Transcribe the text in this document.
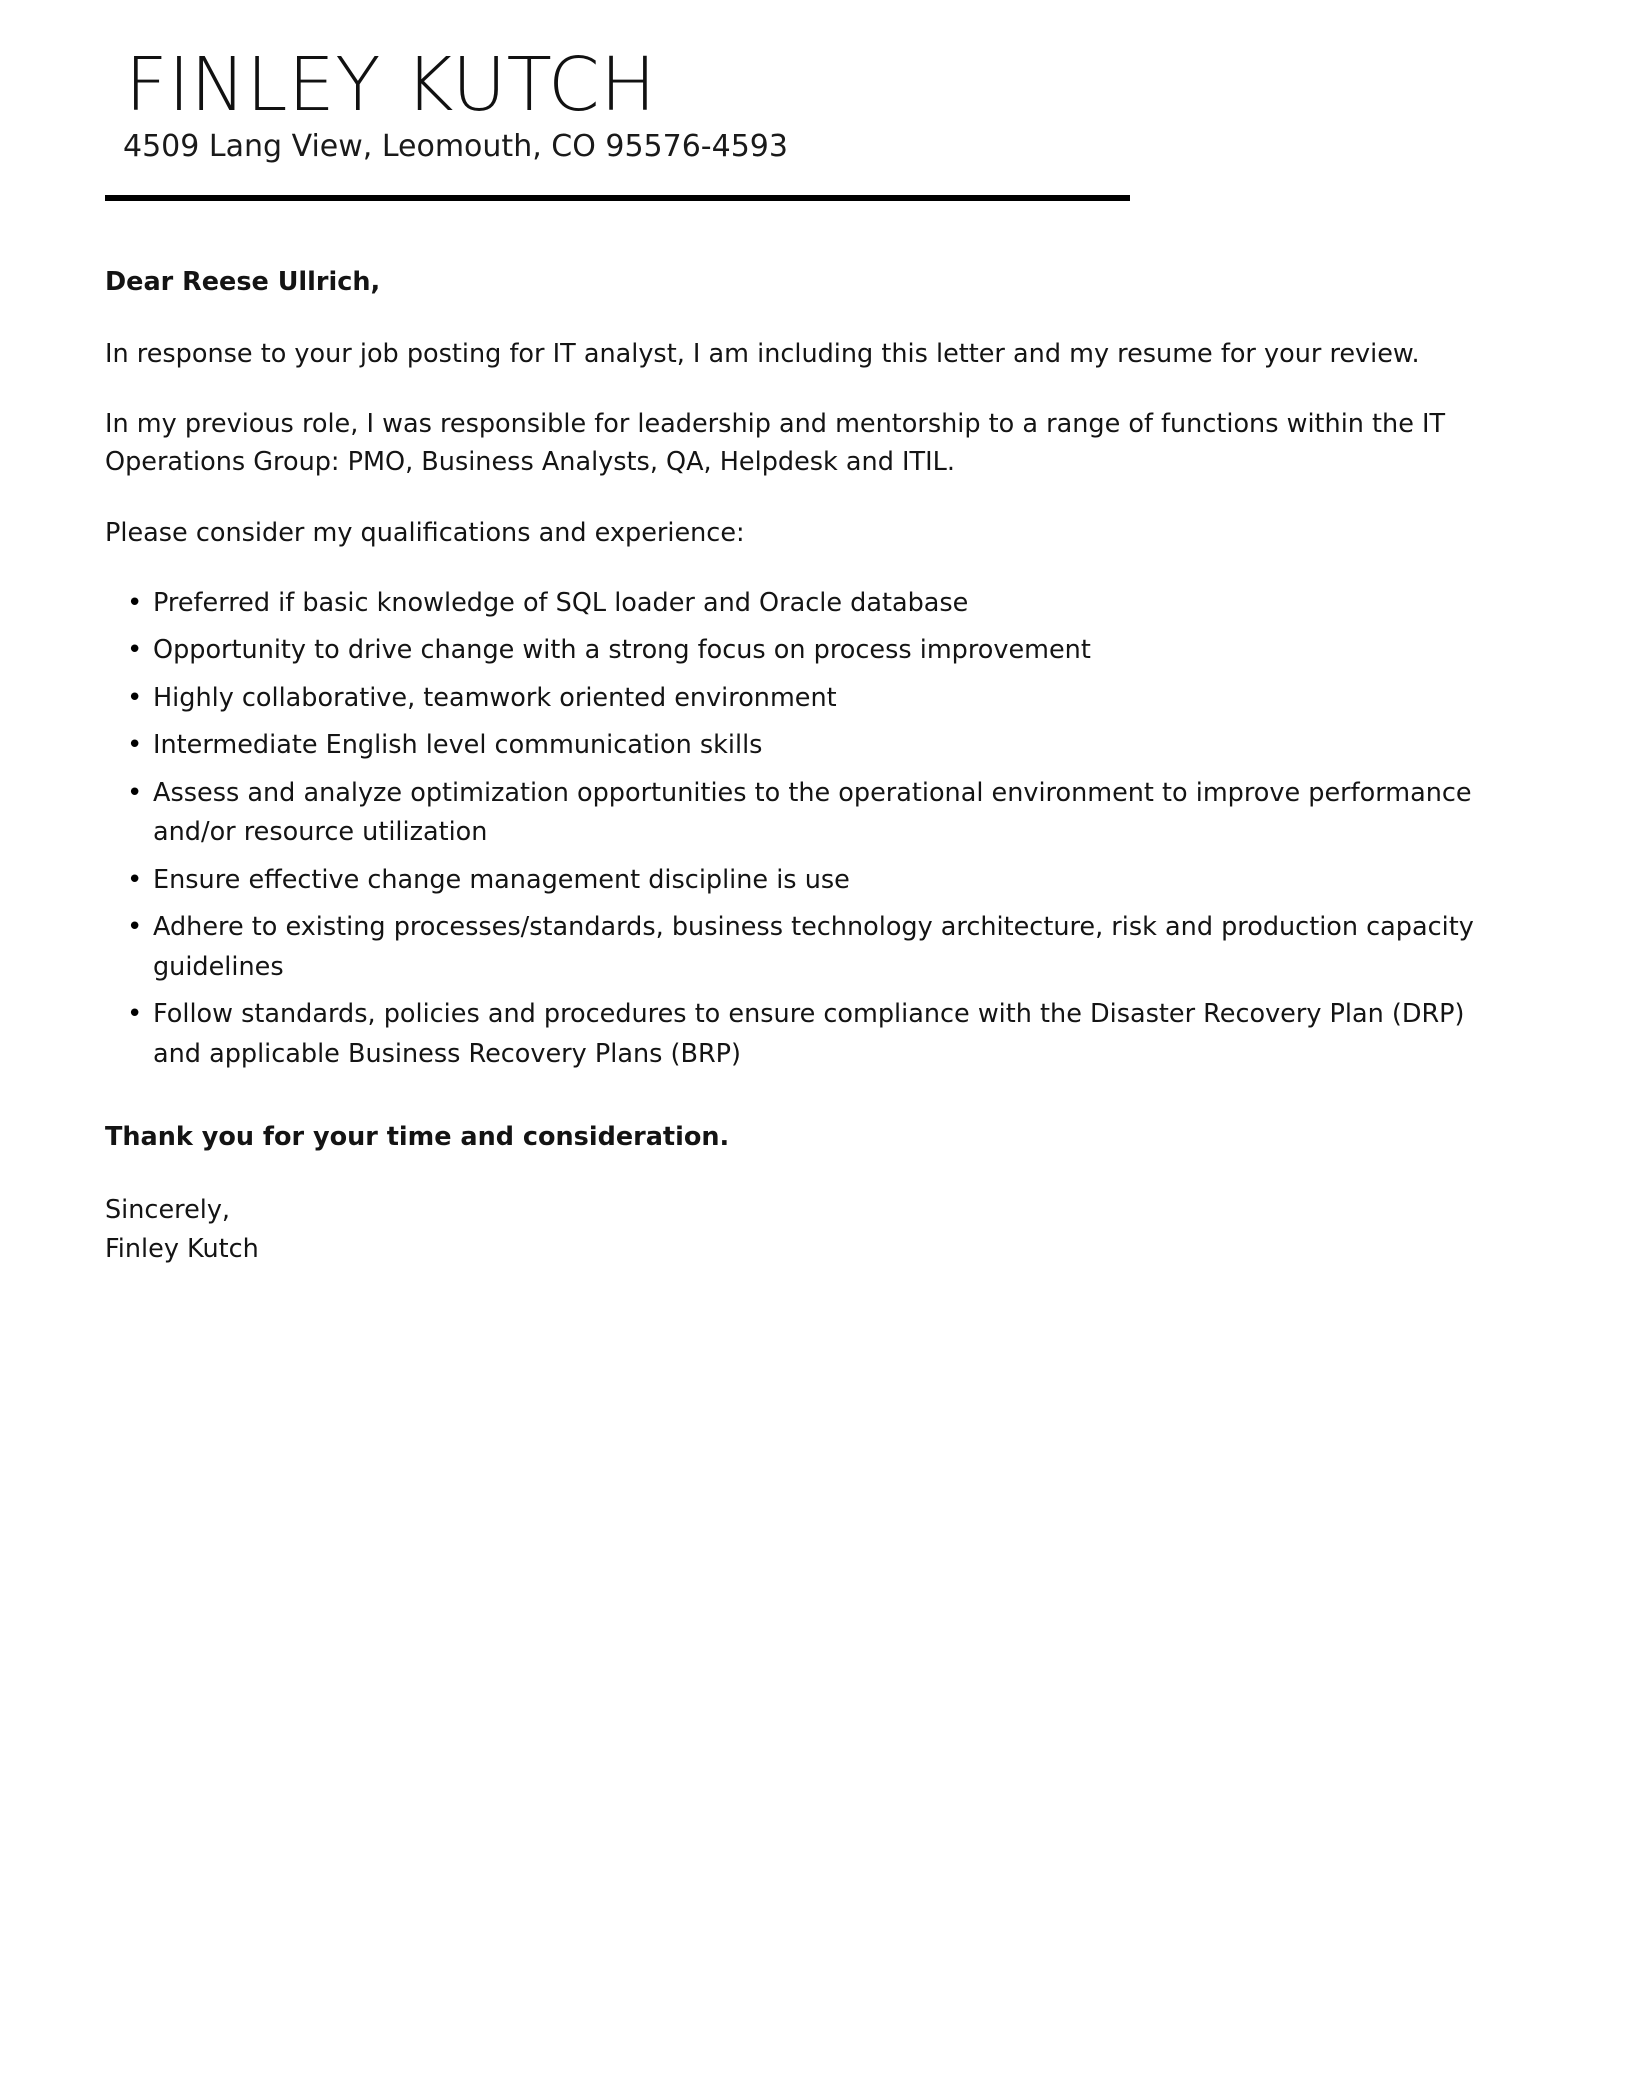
FINLEY KUTCH
4509 Lang View, Leomouth, CO 95576-4593

Dear Reese Ullrich,

In response to your job posting for IT analyst, I am including this letter and my resume for your review.

In my previous role, I was responsible for leadership and mentorship to a range of functions within the IT Operations Group: PMO, Business Analysts, QA, Helpdesk and ITIL.

Please consider my qualifications and experience:

• Preferred if basic knowledge of SQL loader and Oracle database
• Opportunity to drive change with a strong focus on process improvement
• Highly collaborative, teamwork oriented environment
• Intermediate English level communication skills
• Assess and analyze optimization opportunities to the operational environment to improve performance and/or resource utilization
• Ensure effective change management discipline is use
• Adhere to existing processes/standards, business technology architecture, risk and production capacity guidelines
• Follow standards, policies and procedures to ensure compliance with the Disaster Recovery Plan (DRP) and applicable Business Recovery Plans (BRP)

Thank you for your time and consideration.

Sincerely,

Finley Kutch
